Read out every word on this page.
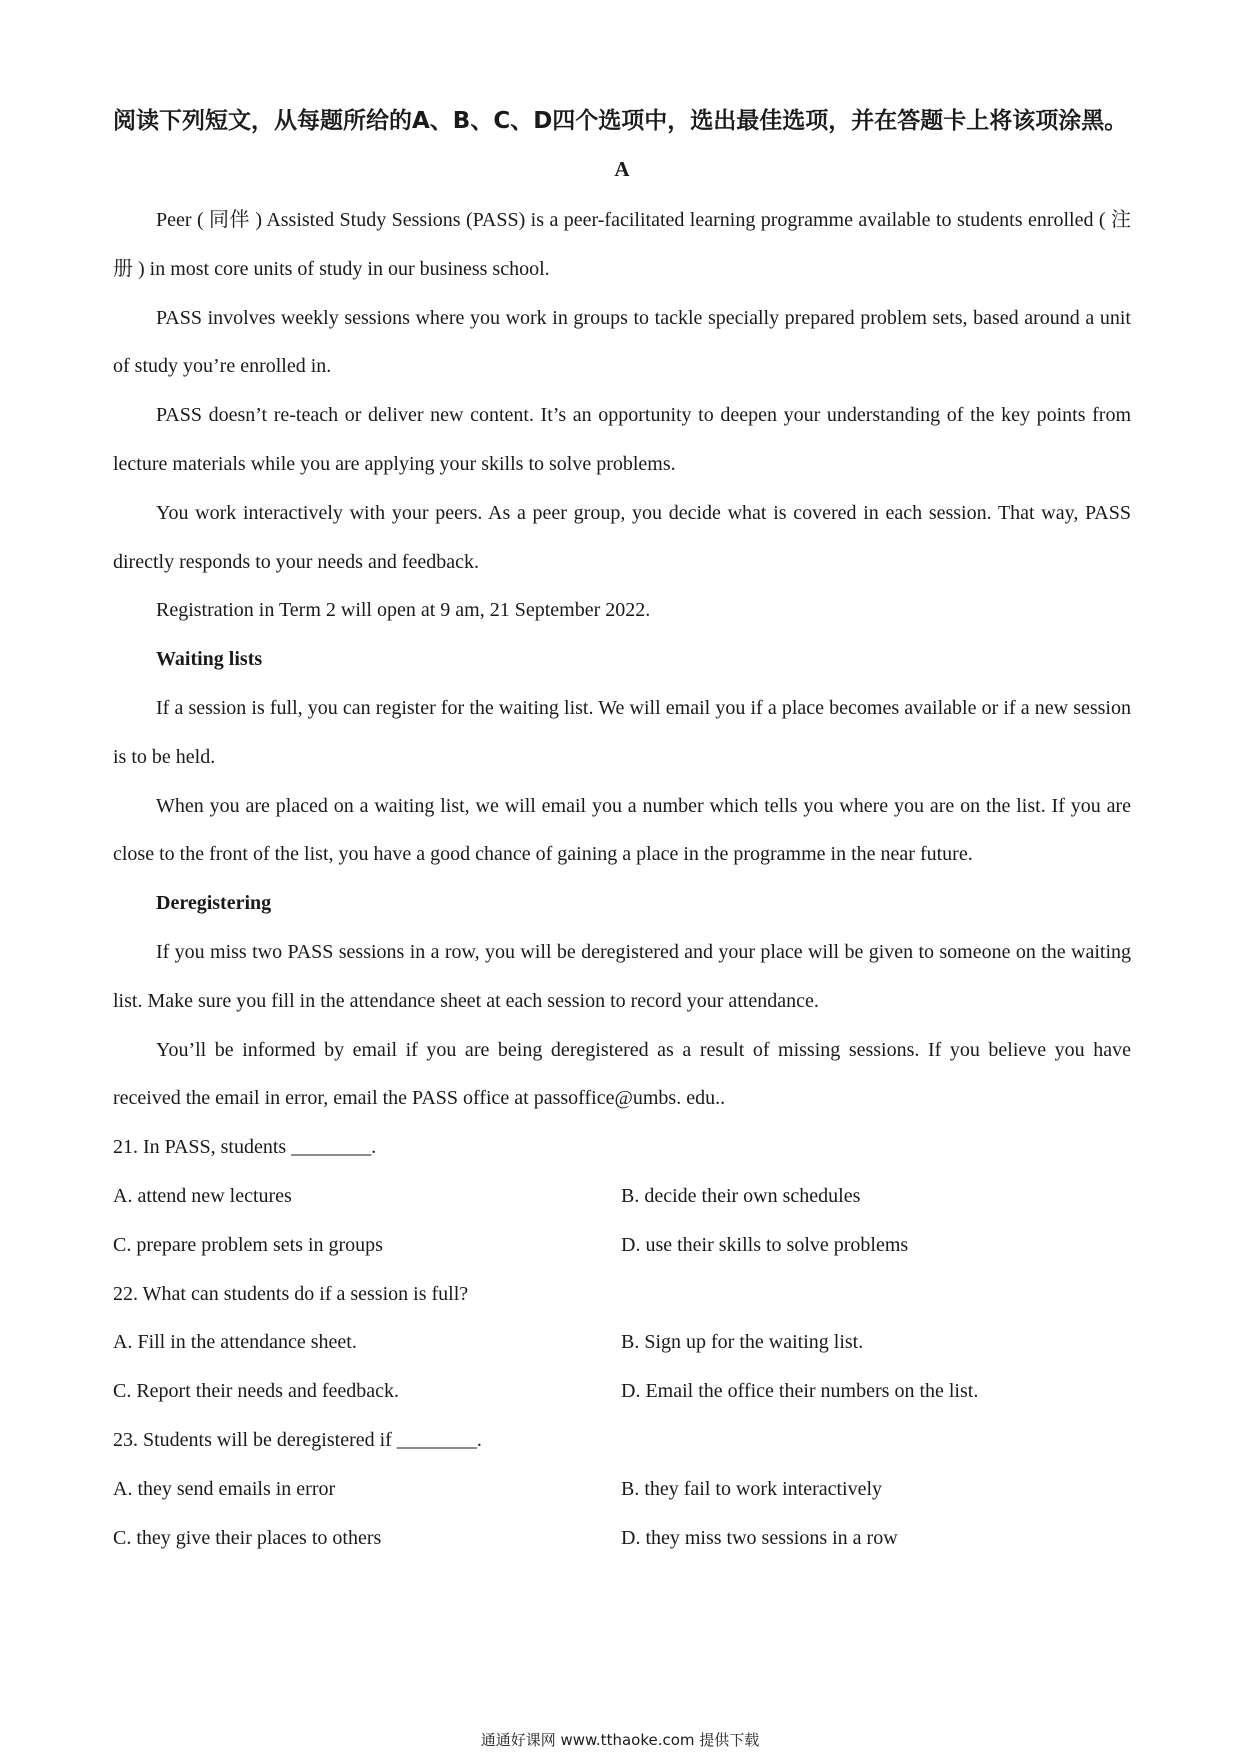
阅读下列短文，从每题所给的A、B、C、D四个选项中，选出最佳选项，并在答题卡上将该项涂黑。

A

Peer ( 同伴 ) Assisted Study Sessions (PASS) is a peer-facilitated learning programme available to students enrolled ( 注册 ) in most core units of study in our business school.

PASS involves weekly sessions where you work in groups to tackle specially prepared problem sets, based around a unit of study you’re enrolled in.

PASS doesn’t re-teach or deliver new content. It’s an opportunity to deepen your understanding of the key points from lecture materials while you are applying your skills to solve problems.

You work interactively with your peers. As a peer group, you decide what is covered in each session. That way, PASS directly responds to your needs and feedback.

Registration in Term 2 will open at 9 am, 21 September 2022.

Waiting lists

If a session is full, you can register for the waiting list. We will email you if a place becomes available or if a new session is to be held.

When you are placed on a waiting list, we will email you a number which tells you where you are on the list. If you are close to the front of the list, you have a good chance of gaining a place in the programme in the near future.

Deregistering

If you miss two PASS sessions in a row, you will be deregistered and your place will be given to someone on the waiting list. Make sure you fill in the attendance sheet at each session to record your attendance.

You’ll be informed by email if you are being deregistered as a result of missing sessions. If you believe you have received the email in error, email the PASS office at passoffice@umbs. edu..

21. In PASS, students ________.

A. attend new lectures	B. decide their own schedules
C. prepare problem sets in groups	D. use their skills to solve problems

22. What can students do if a session is full?

A. Fill in the attendance sheet.	B. Sign up for the waiting list.
C. Report their needs and feedback.	D. Email the office their numbers on the list.

23. Students will be deregistered if ________.

A. they send emails in error	B. they fail to work interactively
C. they give their places to others	D. they miss two sessions in a row
通通好课网 www.tthaoke.com 提供下载
